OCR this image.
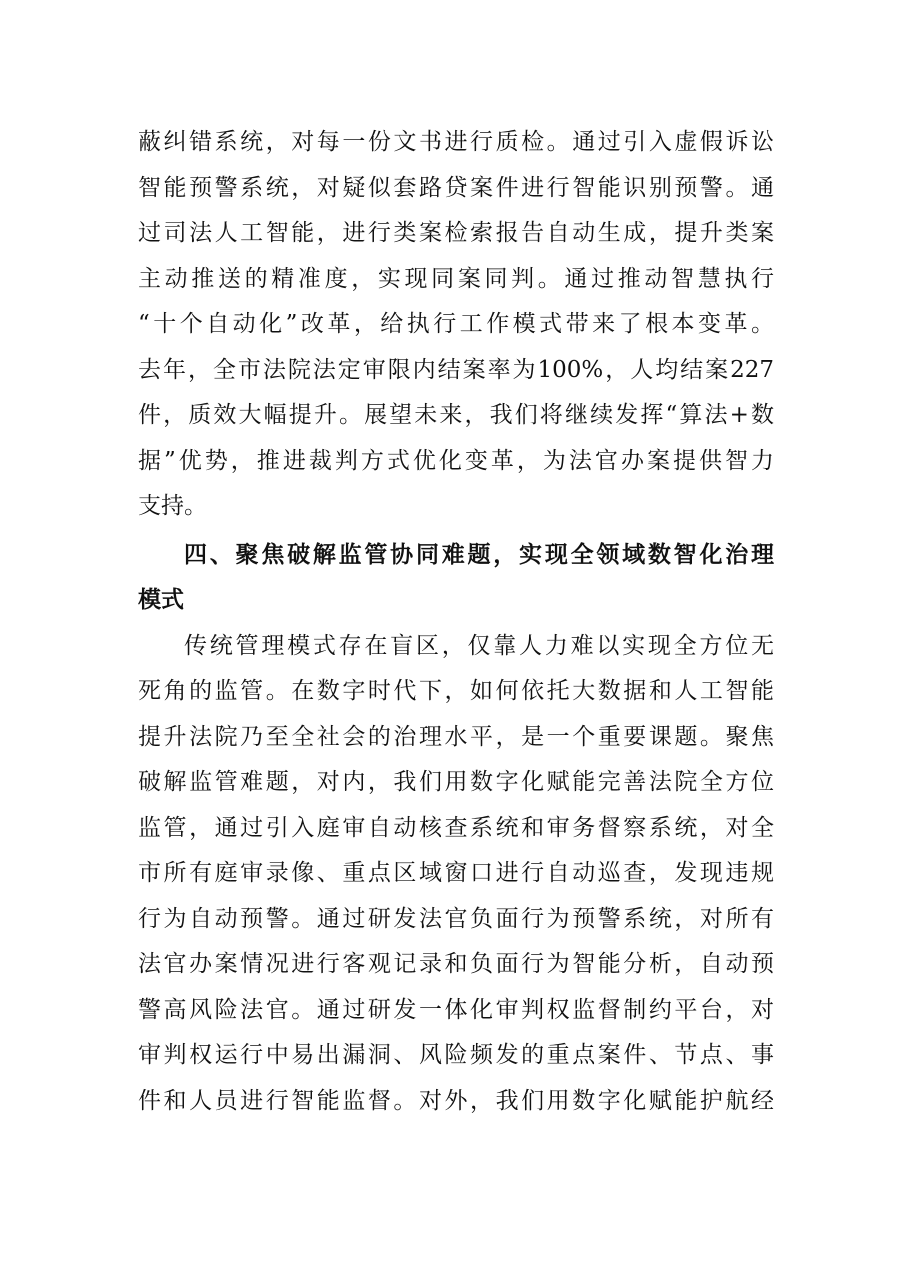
蔽纠错系统，对每一份文书进行质检。通过引入虚假诉讼
智能预警系统，对疑似套路贷案件进行智能识别预警。通
过司法人工智能，进行类案检索报告自动生成，提升类案
主动推送的精准度，实现同案同判。通过推动智慧执行
“十个自动化”改革，给执行工作模式带来了根本变革。
去年，全市法院法定审限内结案率为100%，人均结案227
件，质效大幅提升。展望未来，我们将继续发挥“算法+数
据”优势，推进裁判方式优化变革，为法官办案提供智力
支持。
四、聚焦破解监管协同难题，实现全领域数智化治理
模式
传统管理模式存在盲区，仅靠人力难以实现全方位无
死角的监管。在数字时代下，如何依托大数据和人工智能
提升法院乃至全社会的治理水平，是一个重要课题。聚焦
破解监管难题，对内，我们用数字化赋能完善法院全方位
监管，通过引入庭审自动核查系统和审务督察系统，对全
市所有庭审录像、重点区域窗口进行自动巡查，发现违规
行为自动预警。通过研发法官负面行为预警系统，对所有
法官办案情况进行客观记录和负面行为智能分析，自动预
警高风险法官。通过研发一体化审判权监督制约平台，对
审判权运行中易出漏洞、风险频发的重点案件、节点、事
件和人员进行智能监督。对外，我们用数字化赋能护航经
